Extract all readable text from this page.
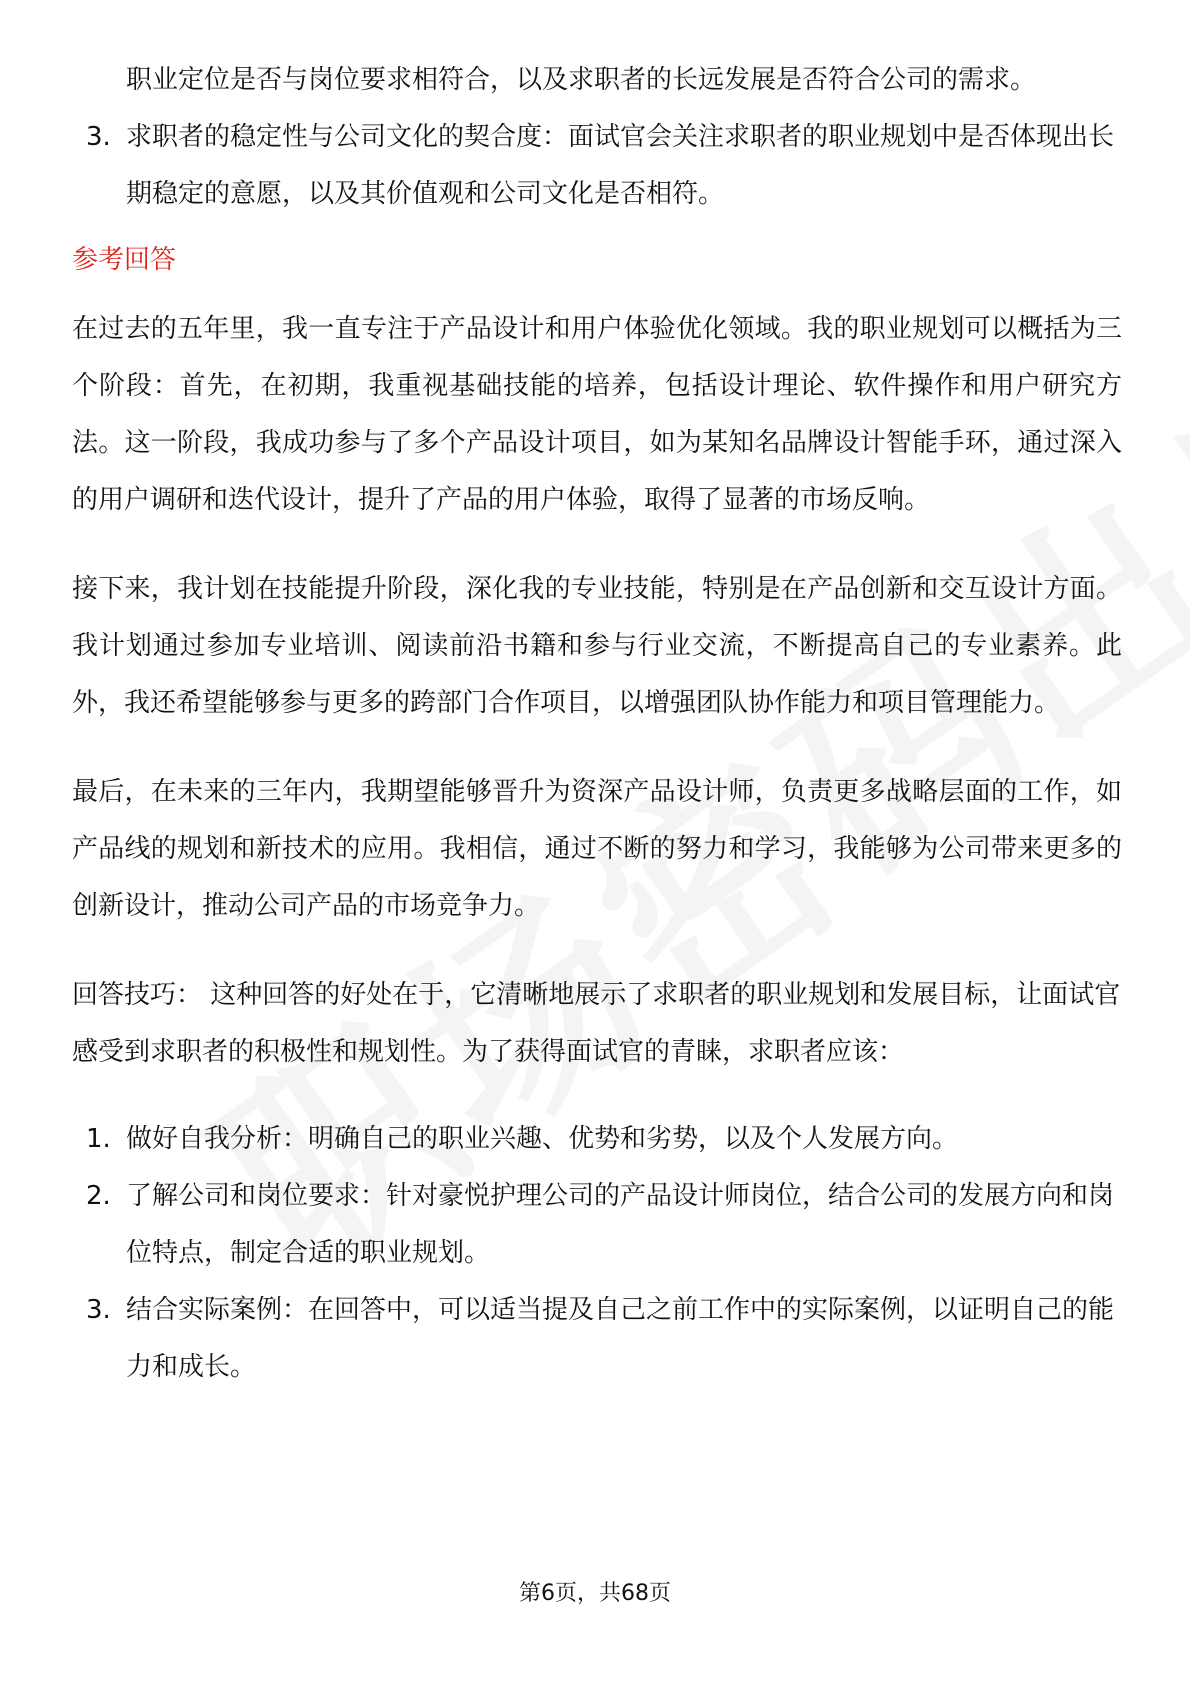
职业定位是否与岗位要求相符合，以及求职者的长远发展是否符合公司的需求。
3. 求职者的稳定性与公司文化的契合度：面试官会关注求职者的职业规划中是否体现出长期稳定的意愿，以及其价值观和公司文化是否相符。
参考回答

在过去的五年里，我一直专注于产品设计和用户体验优化领域。我的职业规划可以概括为三个阶段：首先，在初期，我重视基础技能的培养，包括设计理论、软件操作和用户研究方法。这一阶段，我成功参与了多个产品设计项目，如为某知名品牌设计智能手环，通过深入的用户调研和迭代设计，提升了产品的用户体验，取得了显著的市场反响。

接下来，我计划在技能提升阶段，深化我的专业技能，特别是在产品创新和交互设计方面。我计划通过参加专业培训、阅读前沿书籍和参与行业交流，不断提高自己的专业素养。此外，我还希望能够参与更多的跨部门合作项目，以增强团队协作能力和项目管理能力。

最后，在未来的三年内，我期望能够晋升为资深产品设计师，负责更多战略层面的工作，如产品线的规划和新技术的应用。我相信，通过不断的努力和学习，我能够为公司带来更多的创新设计，推动公司产品的市场竞争力。

回答技巧： 这种回答的好处在于，它清晰地展示了求职者的职业规划和发展目标，让面试官感受到求职者的积极性和规划性。为了获得面试官的青睐，求职者应该：

1. 做好自我分析：明确自己的职业兴趣、优势和劣势，以及个人发展方向。
2. 了解公司和岗位要求：针对豪悦护理公司的产品设计师岗位，结合公司的发展方向和岗位特点，制定合适的职业规划。
3. 结合实际案例：在回答中，可以适当提及自己之前工作中的实际案例，以证明自己的能力和成长。
第6页，共68页
